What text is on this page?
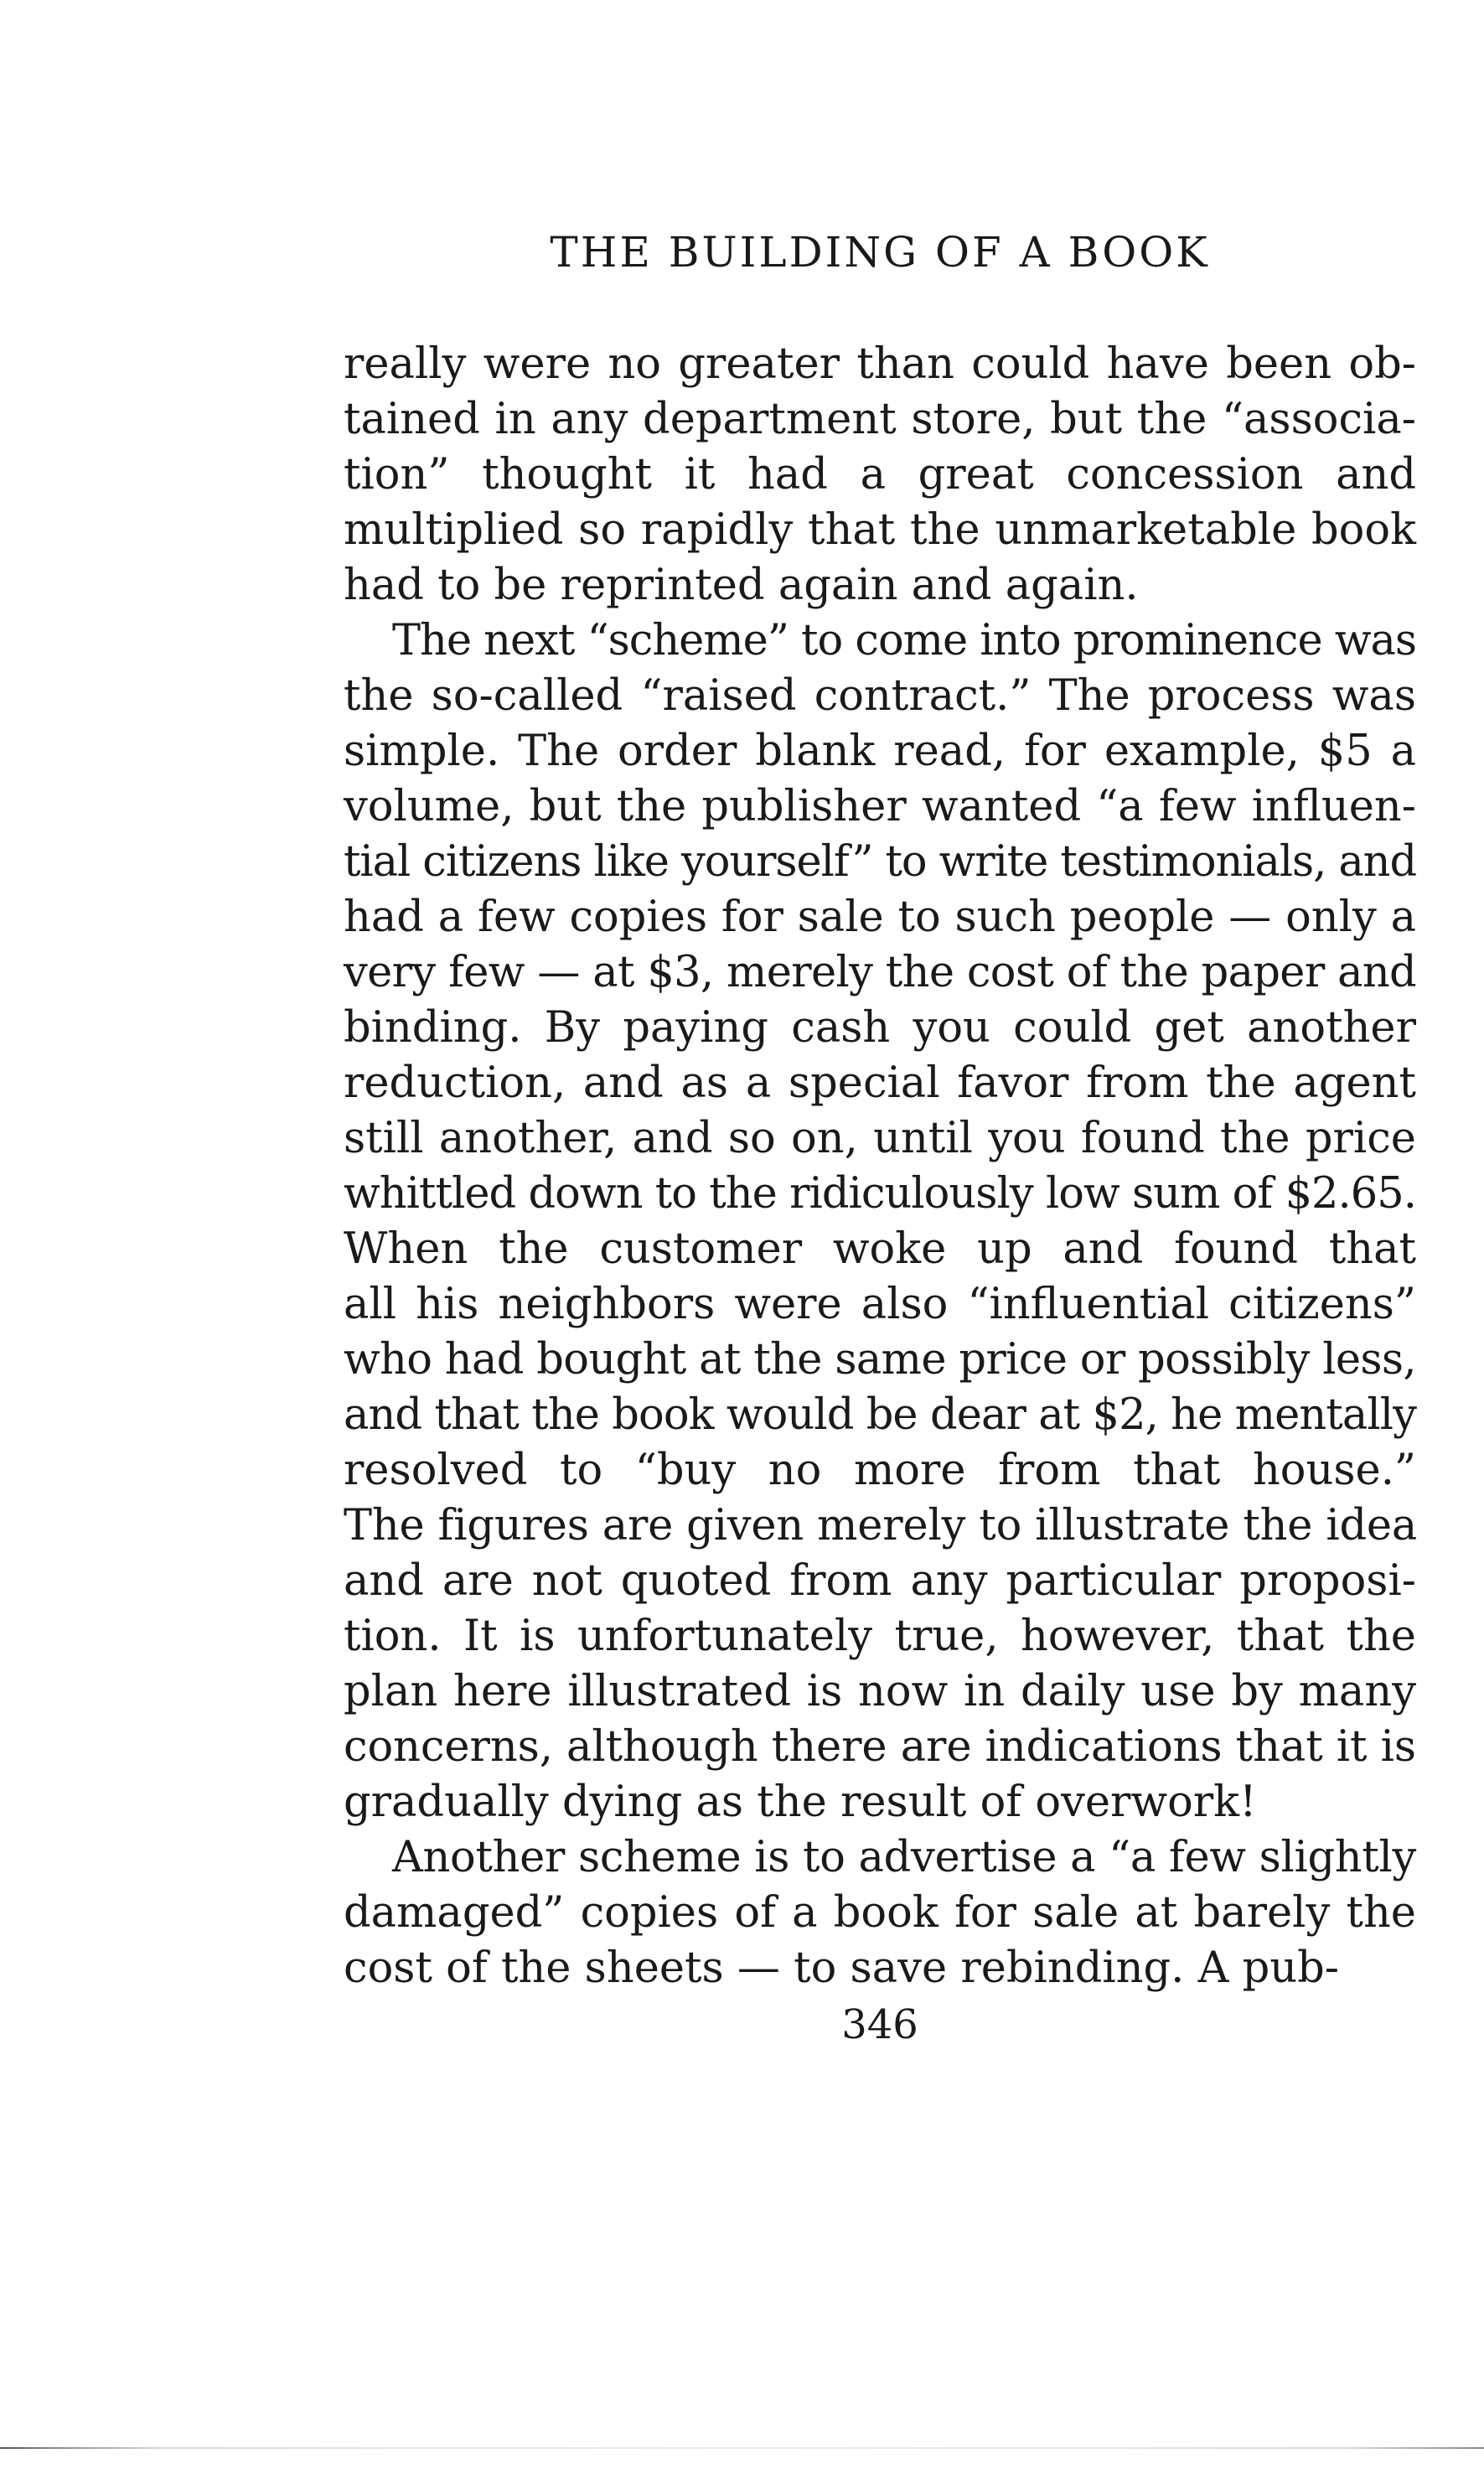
THE BUILDING OF A BOOK
really were no greater than could have been ob-
tained in any department store, but the “associa-
tion” thought it had a great concession and
multiplied so rapidly that the unmarketable book
had to be reprinted again and again.
The next “scheme” to come into prominence was
the so-called “raised contract.” The process was
simple. The order blank read, for example, $5 a
volume, but the publisher wanted “a few influen-
tial citizens like yourself” to write testimonials, and
had a few copies for sale to such people — only a
very few — at $3, merely the cost of the paper and
binding. By paying cash you could get another
reduction, and as a special favor from the agent
still another, and so on, until you found the price
whittled down to the ridiculously low sum of $2.65.
When the customer woke up and found that
all his neighbors were also “influential citizens”
who had bought at the same price or possibly less,
and that the book would be dear at $2, he mentally
resolved to “buy no more from that house.”
The figures are given merely to illustrate the idea
and are not quoted from any particular proposi-
tion. It is unfortunately true, however, that the
plan here illustrated is now in daily use by many
concerns, although there are indications that it is
gradually dying as the result of overwork!
Another scheme is to advertise a “a few slightly
damaged” copies of a book for sale at barely the
cost of the sheets — to save rebinding. A pub-
346
